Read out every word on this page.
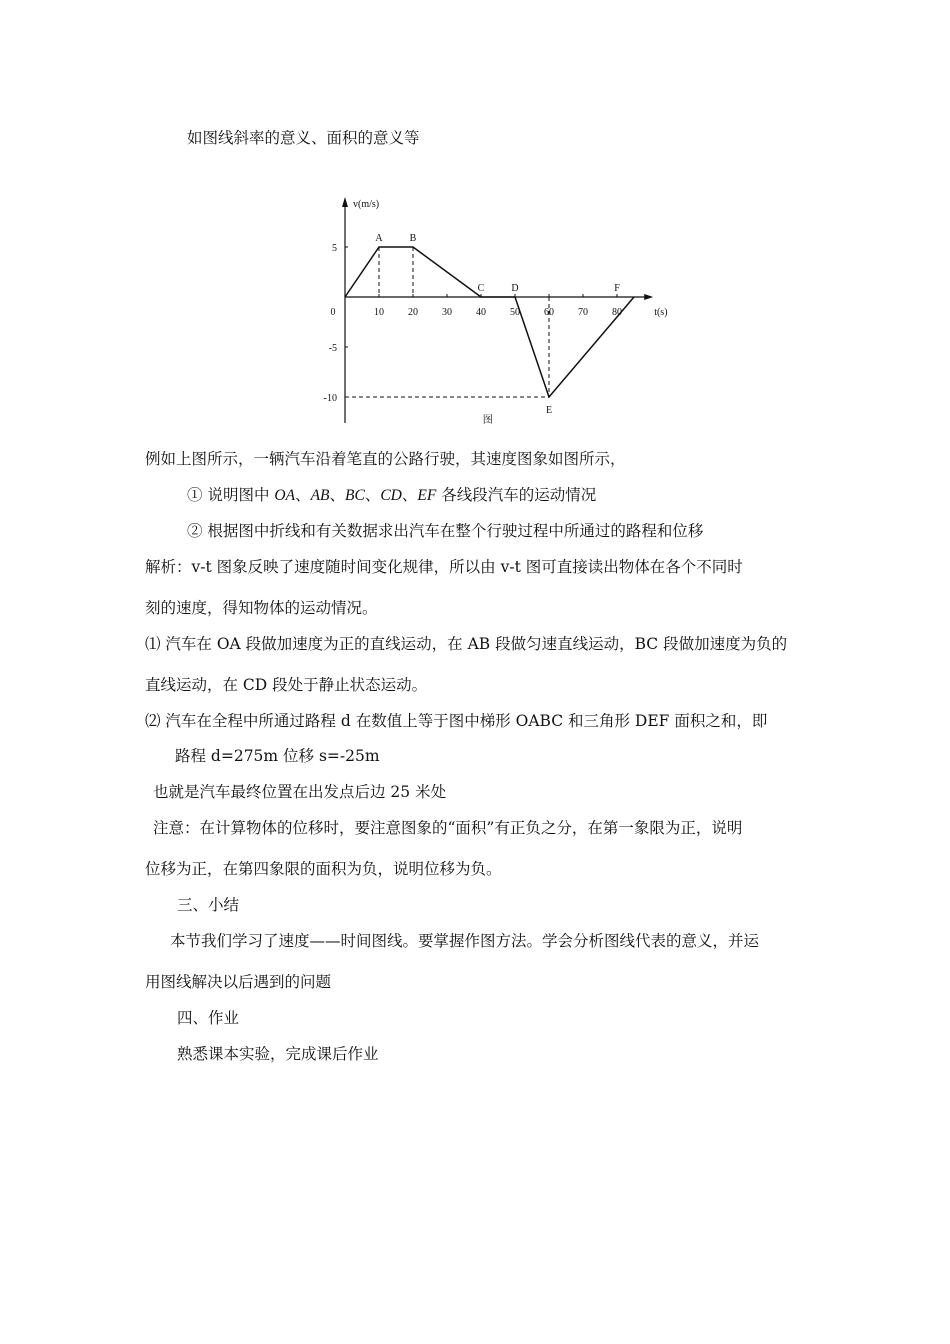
如图线斜率的意义、面积的意义等
v(m/s)
t(s)
0	10 20 30 40 50 60 70 80
5
-5
-10
A	B
C	D
E
F
图
例如上图所示，一辆汽车沿着笔直的公路行驶，其速度图象如图所示，
① 说明图中 OA、AB、BC、CD、EF 各线段汽车的运动情况
② 根据图中折线和有关数据求出汽车在整个行驶过程中所通过的路程和位移
解析：v-t 图象反映了速度随时间变化规律，所以由 v-t 图可直接读出物体在各个不同时
刻的速度，得知物体的运动情况。
⑴ 汽车在 OA 段做加速度为正的直线运动，在 AB 段做匀速直线运动，BC 段做加速度为负的
直线运动，在 CD 段处于静止状态运动。
⑵ 汽车在全程中所通过路程 d 在数值上等于图中梯形 OABC 和三角形 DEF 面积之和，即
路程 d=275m 位移 s=-25m
也就是汽车最终位置在出发点后边 25 米处
注意：在计算物体的位移时，要注意图象的“面积”有正负之分，在第一象限为正，说明
位移为正，在第四象限的面积为负，说明位移为负。
三、小结
本节我们学习了速度——时间图线。要掌握作图方法。学会分析图线代表的意义，并运
用图线解决以后遇到的问题
四、作业
熟悉课本实验，完成课后作业
